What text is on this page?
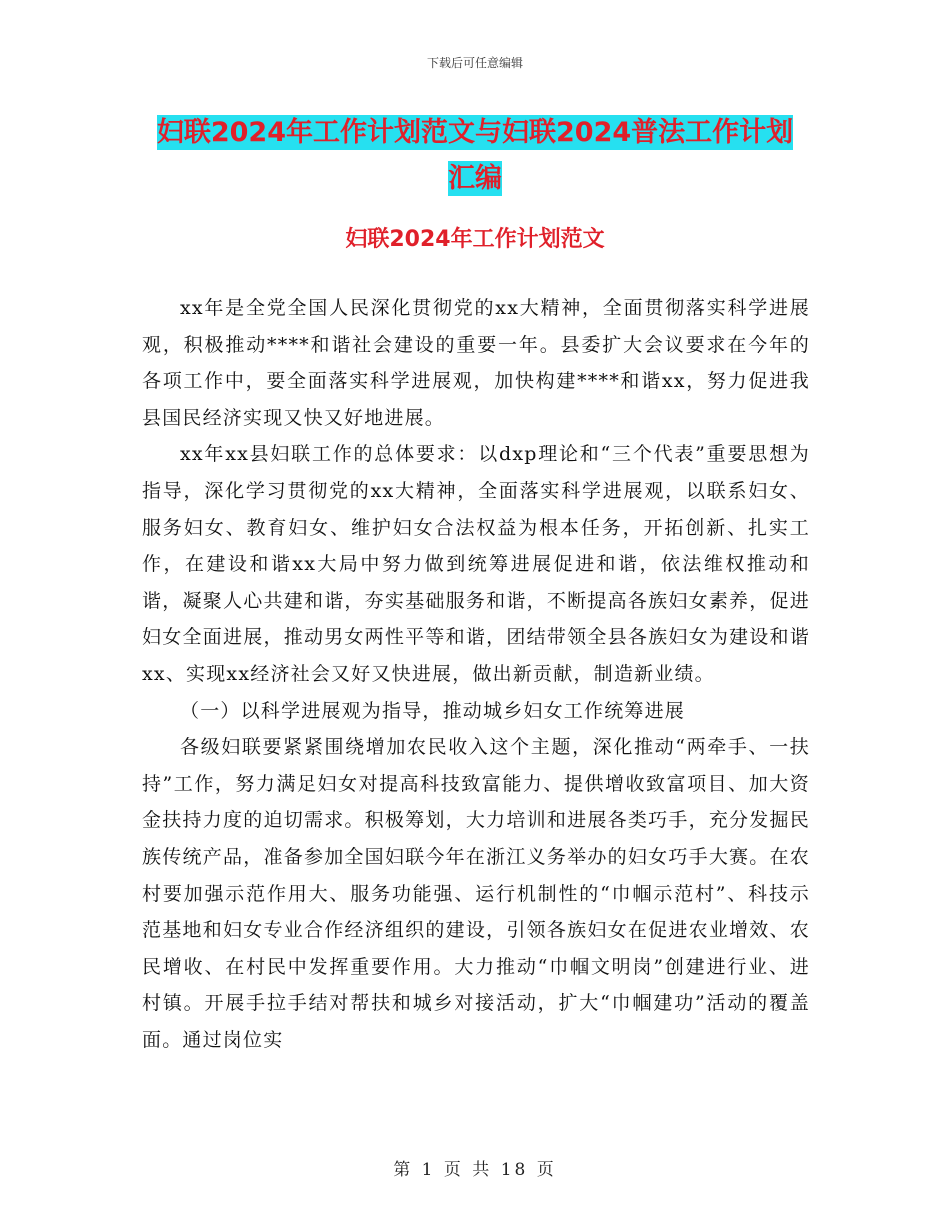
下载后可任意编辑
妇联2024年工作计划范文与妇联2024普法工作计划
汇编
妇联2024年工作计划范文

xx年是全党全国人民深化贯彻党的xx大精神，全面贯彻落实科学进展观，积极推动****和谐社会建设的重要一年。县委扩大会议要求在今年的各项工作中，要全面落实科学进展观，加快构建****和谐xx，努力促进我县国民经济实现又快又好地进展。

xx年xx县妇联工作的总体要求：以dxp理论和“三个代表”重要思想为指导，深化学习贯彻党的xx大精神，全面落实科学进展观，以联系妇女、服务妇女、教育妇女、维护妇女合法权益为根本任务，开拓创新、扎实工作，在建设和谐xx大局中努力做到统筹进展促进和谐，依法维权推动和谐，凝聚人心共建和谐，夯实基础服务和谐，不断提高各族妇女素养，促进妇女全面进展，推动男女两性平等和谐，团结带领全县各族妇女为建设和谐xx、实现xx经济社会又好又快进展，做出新贡献，制造新业绩。

（一）以科学进展观为指导，推动城乡妇女工作统筹进展

各级妇联要紧紧围绕增加农民收入这个主题，深化推动“两牵手、一扶持”工作，努力满足妇女对提高科技致富能力、提供增收致富项目、加大资金扶持力度的迫切需求。积极筹划，大力培训和进展各类巧手，充分发掘民族传统产品，准备参加全国妇联今年在浙江义务举办的妇女巧手大赛。在农村要加强示范作用大、服务功能强、运行机制性的“巾帼示范村”、科技示范基地和妇女专业合作经济组织的建设，引领各族妇女在促进农业增效、农民增收、在村民中发挥重要作用。大力推动“巾帼文明岗”创建进行业、进村镇。开展手拉手结对帮扶和城乡对接活动，扩大“巾帼建功”活动的覆盖面。通过岗位实

第 1 页 共 18 页
